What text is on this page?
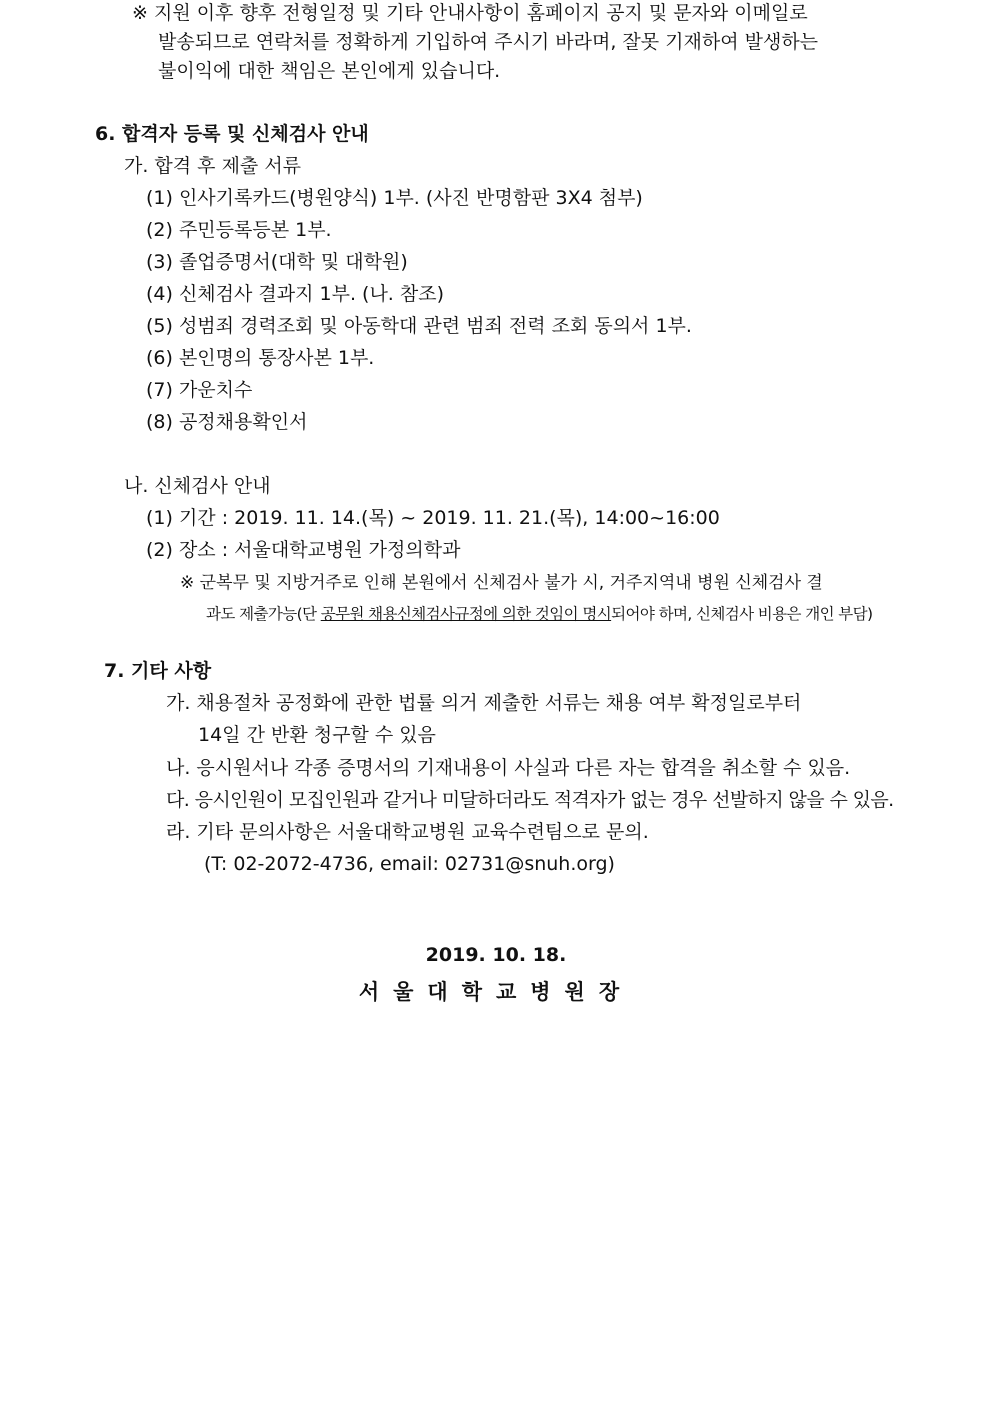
※ 지원 이후 향후 전형일정 및 기타 안내사항이 홈페이지 공지 및 문자와 이메일로
발송되므로 연락처를 정확하게 기입하여 주시기 바라며, 잘못 기재하여 발생하는
불이익에 대한 책임은 본인에게 있습니다.
6. 합격자 등록 및 신체검사 안내
가. 합격 후 제출 서류
(1) 인사기록카드(병원양식) 1부. (사진 반명함판 3X4 첨부)
(2) 주민등록등본 1부.
(3) 졸업증명서(대학 및 대학원)
(4) 신체검사 결과지 1부. (나. 참조)
(5) 성범죄 경력조회 및 아동학대 관련 범죄 전력 조회 동의서 1부.
(6) 본인명의 통장사본 1부.
(7) 가운치수
(8) 공정채용확인서
나. 신체검사 안내
(1) 기간 : 2019. 11. 14.(목) ~ 2019. 11. 21.(목), 14:00~16:00
(2) 장소 : 서울대학교병원 가정의학과
※ 군복무 및 지방거주로 인해 본원에서 신체검사 불가 시, 거주지역내 병원 신체검사 결
과도 제출가능(단 공무원 채용신체검사규정에 의한 것임이 명시되어야 하며, 신체검사 비용은 개인 부담)
7. 기타 사항
가. 채용절차 공정화에 관한 법률 의거 제출한 서류는 채용 여부 확정일로부터
14일 간 반환 청구할 수 있음
나. 응시원서나 각종 증명서의 기재내용이 사실과 다른 자는 합격을 취소할 수 있음.
다. 응시인원이 모집인원과 같거나 미달하더라도 적격자가 없는 경우 선발하지 않을 수 있음.
라. 기타 문의사항은 서울대학교병원 교육수련팀으로 문의.
(T: 02-2072-4736, email: 02731@snuh.org)
2019. 10. 18.
서울대학교병원장
